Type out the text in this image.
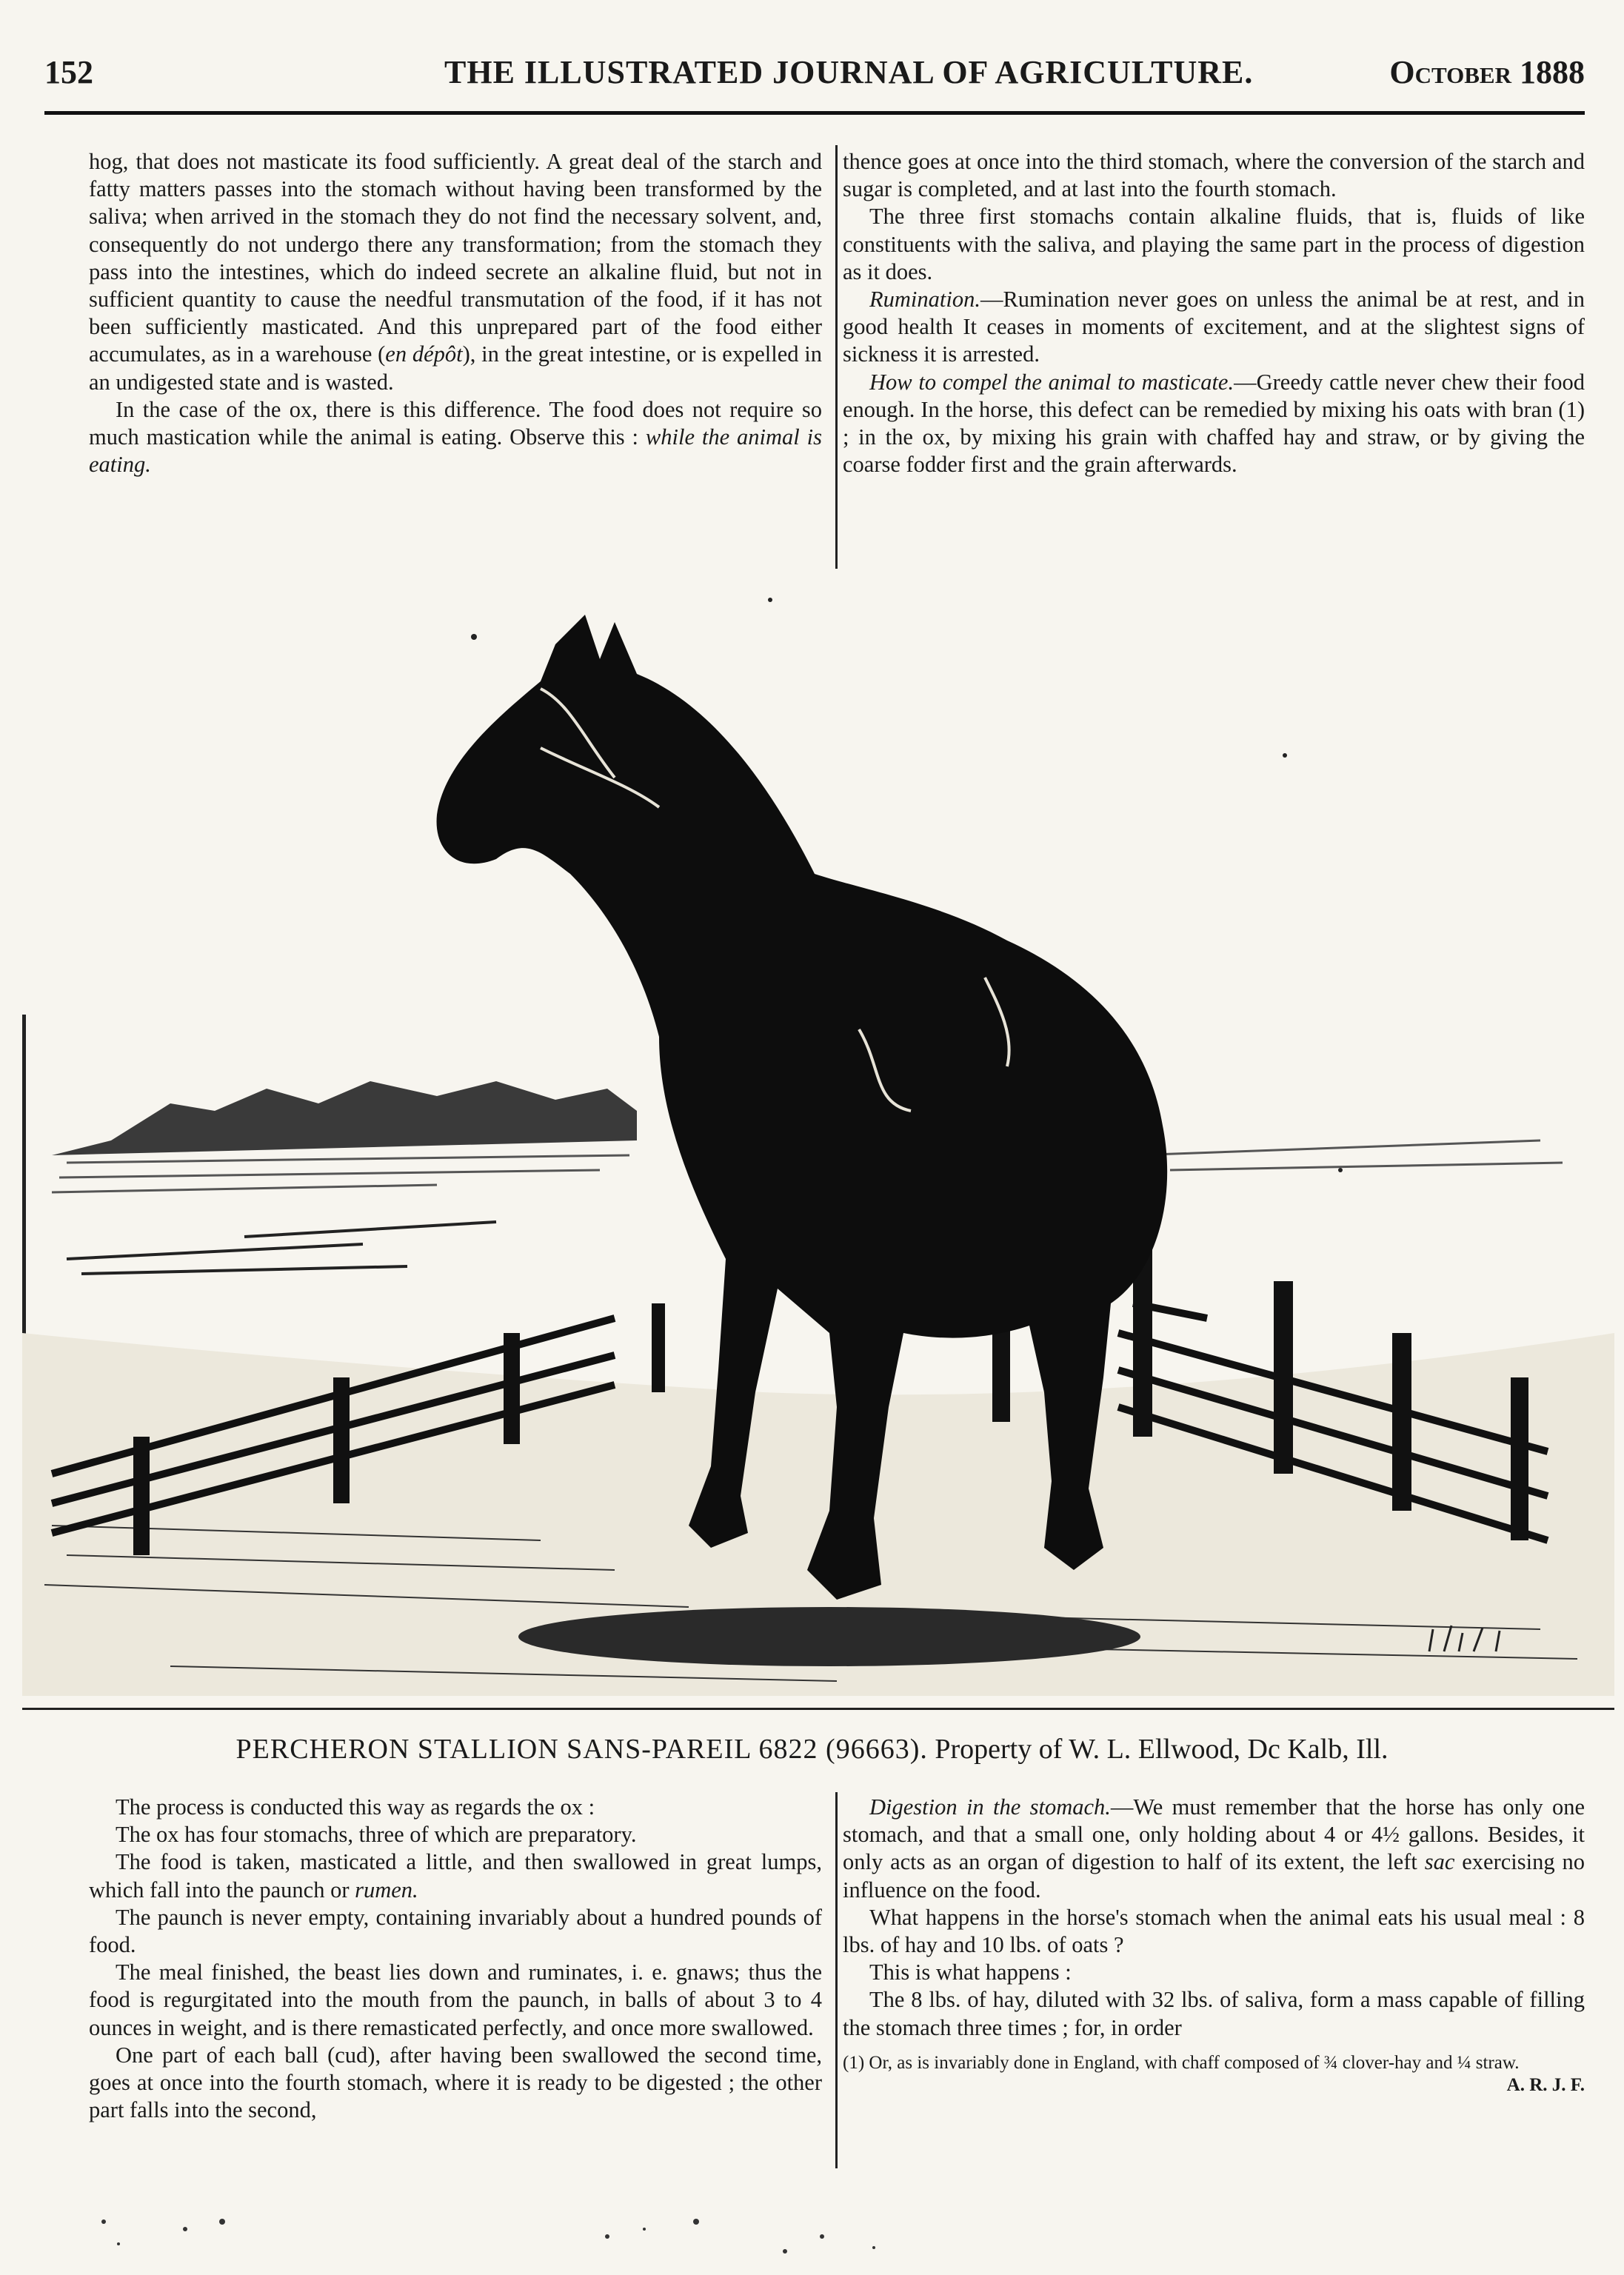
152	THE ILLUSTRATED JOURNAL OF AGRICULTURE.	October 1888

hog, that does not masticate its food sufficiently. A great deal of the starch and fatty matters passes into the stomach without having been transformed by the saliva; when arrived in the stomach they do not find the necessary solvent, and, consequently do not undergo there any transformation; from the stomach they pass into the intestines, which do indeed secrete an alkaline fluid, but not in sufficient quantity to cause the needful transmutation of the food, if it has not been sufficiently masticated. And this unprepared part of the food either accumulates, as in a warehouse (en dépôt), in the great intestine, or is expelled in an undigested state and is wasted.

In the case of the ox, there is this difference. The food does not require so much mastication while the animal is eating. Observe this : while the animal is eating.

thence goes at once into the third stomach, where the conversion of the starch and sugar is completed, and at last into the fourth stomach.

The three first stomachs contain alkaline fluids, that is, fluids of like constituents with the saliva, and playing the same part in the process of digestion as it does.

Rumination.—Rumination never goes on unless the animal be at rest, and in good health It ceases in moments of excitement, and at the slightest signs of sickness it is arrested.

How to compel the animal to masticate.—Greedy cattle never chew their food enough. In the horse, this defect can be remedied by mixing his oats with bran (1) ; in the ox, by mixing his grain with chaffed hay and straw, or by giving the coarse fodder first and the grain afterwards.

PERCHERON STALLION SANS-PAREIL 6822 (96663). Property of W. L. Ellwood, Dc Kalb, Ill.

The process is conducted this way as regards the ox :

The ox has four stomachs, three of which are preparatory.

The food is taken, masticated a little, and then swallowed in great lumps, which fall into the paunch or rumen.

The paunch is never empty, containing invariably about a hundred pounds of food.

The meal finished, the beast lies down and ruminates, i. e. gnaws; thus the food is regurgitated into the mouth from the paunch, in balls of about 3 to 4 ounces in weight, and is there remasticated perfectly, and once more swallowed.

One part of each ball (cud), after having been swallowed the second time, goes at once into the fourth stomach, where it is ready to be digested ; the other part falls into the second,

Digestion in the stomach.—We must remember that the horse has only one stomach, and that a small one, only holding about 4 or 4½ gallons. Besides, it only acts as an organ of digestion to half of its extent, the left sac exercising no influence on the food.

What happens in the horse's stomach when the animal eats his usual meal : 8 lbs. of hay and 10 lbs. of oats ?

This is what happens :

The 8 lbs. of hay, diluted with 32 lbs. of saliva, form a mass capable of filling the stomach three times ; for, in order

(1) Or, as is invariably done in England, with chaff composed of ¾ clover-hay and ¼ straw.
A. R. J. F.
